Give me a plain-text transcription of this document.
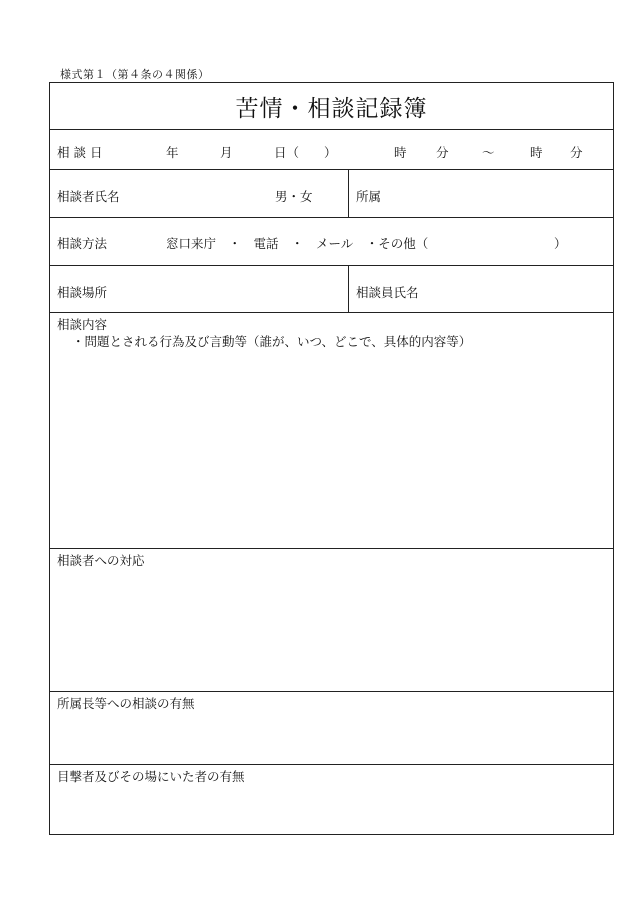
様式第１（第４条の４関係）
苦情・相談記録簿
相 談 日	年	月	日（　　）	時 分	～	時 分
相談者氏名	男・女	所属
相談方法	窓口来庁　・　電話　・　メール　・その他（	）
相談場所	相談員氏名
相談内容
・問題とされる行為及び言動等（誰が、いつ、どこで、具体的内容等）
相談者への対応
所属長等への相談の有無
目撃者及びその場にいた者の有無
